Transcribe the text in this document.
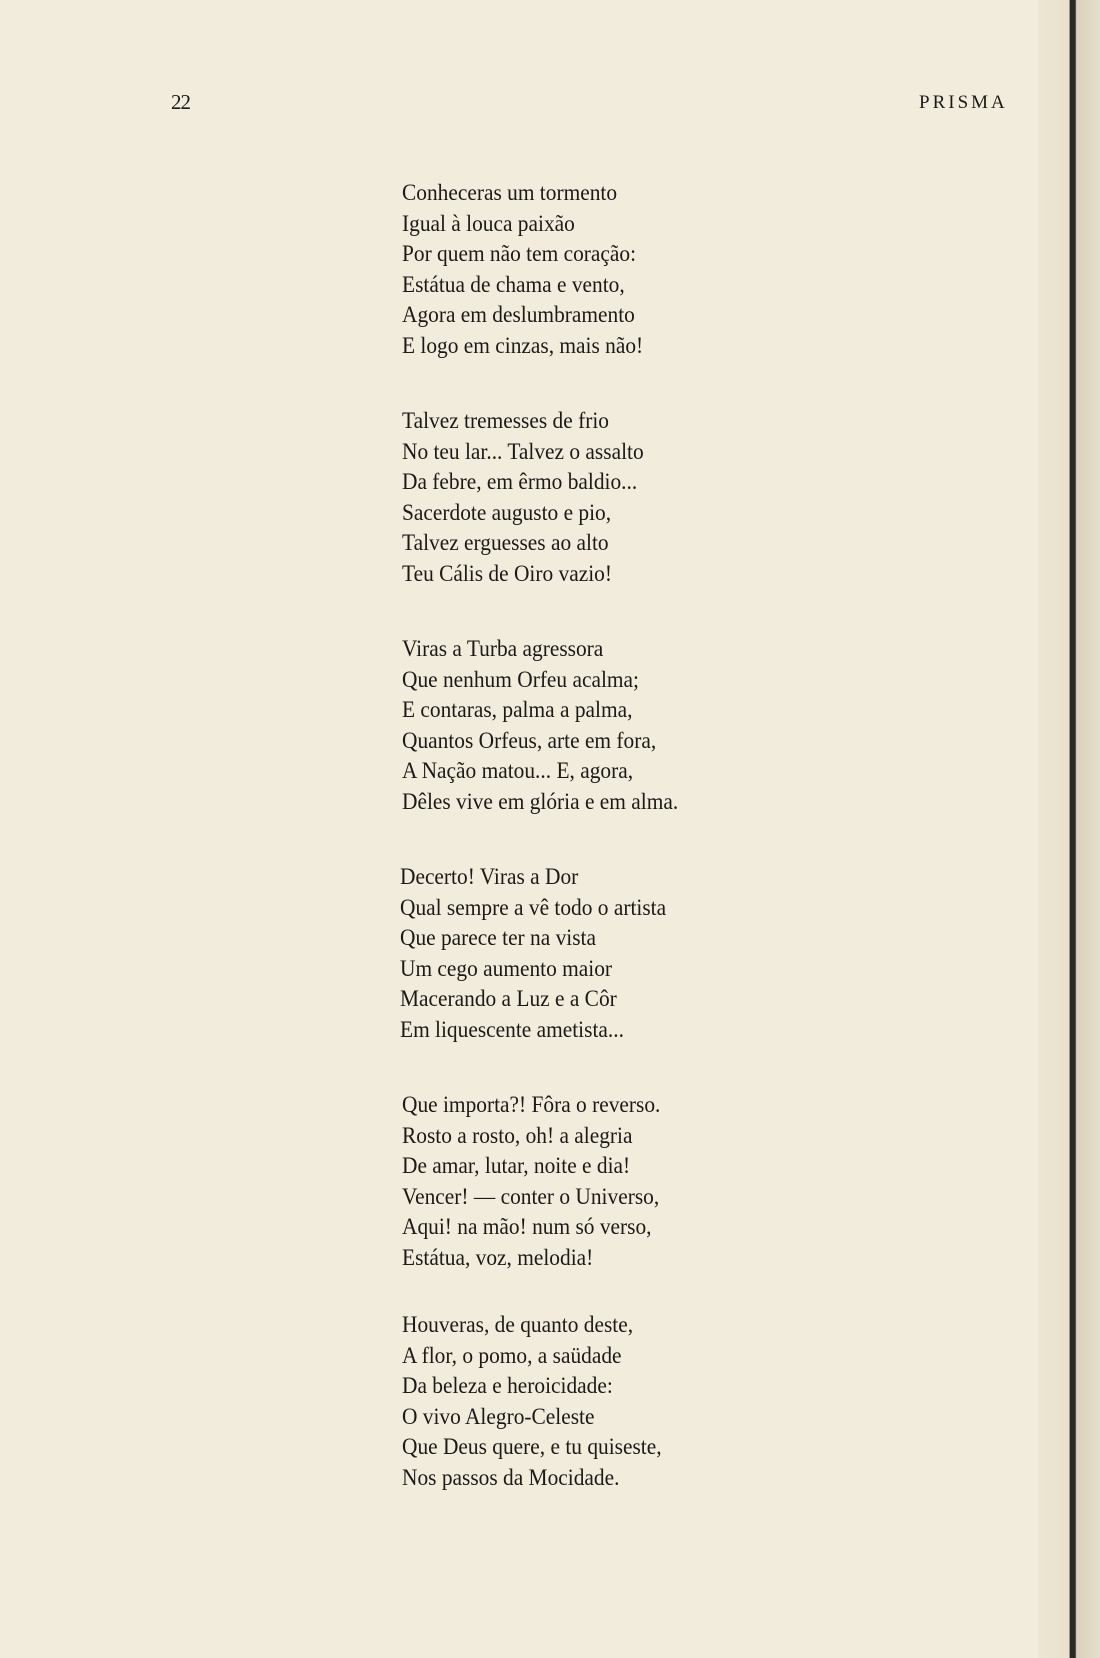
22	PRISMA
Conheceras um tormento
Igual à louca paixão
Por quem não tem coração:
Estátua de chama e vento,
Agora em deslumbramento
E logo em cinzas, mais não!
Talvez tremesses de frio
No teu lar... Talvez o assalto
Da febre, em êrmo baldio...
Sacerdote augusto e pio,
Talvez erguesses ao alto
Teu Cális de Oiro vazio!
Viras a Turba agressora
Que nenhum Orfeu acalma;
E contaras, palma a palma,
Quantos Orfeus, arte em fora,
A Nação matou... E, agora,
Dêles vive em glória e em alma.
Decerto! Viras a Dor
Qual sempre a vê todo o artista
Que parece ter na vista
Um cego aumento maior
Macerando a Luz e a Côr
Em liquescente ametista...
Que importa?! Fôra o reverso.
Rosto a rosto, oh! a alegria
De amar, lutar, noite e dia!
Vencer! — conter o Universo,
Aqui! na mão! num só verso,
Estátua, voz, melodia!
Houveras, de quanto deste,
A flor, o pomo, a saüdade
Da beleza e heroicidade:
O vivo Alegro-Celeste
Que Deus quere, e tu quiseste,
Nos passos da Mocidade.
